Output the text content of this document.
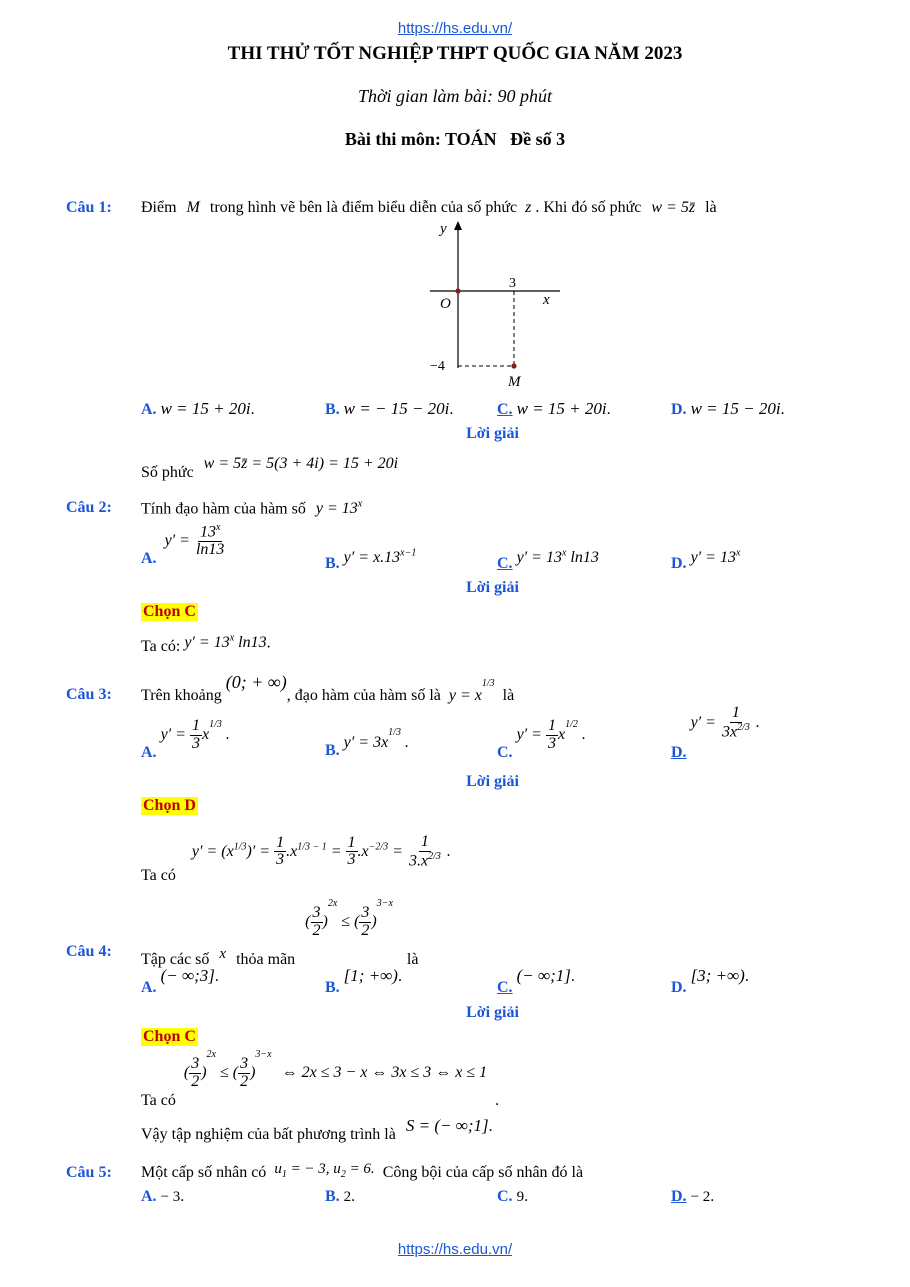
https://hs.edu.vn/
THI THỬ TỐT NGHIỆP THPT QUỐC GIA NĂM 2023
Thời gian làm bài: 90 phút
Bài thi môn: TOÁN   Đề số 3
Câu 1: Điểm M trong hình vẽ bên là điểm biểu diễn của số phức z . Khi đó số phức w = 5z̄ là
y
x
O
3
−4
M
A. w = 15 + 20i.	B. w = − 15 − 20i.	C. w = 15 + 20i.	D. w = 15 − 20i.
Lời giải
Số phức w = 5z̄ = 5(3 + 4i) = 15 + 20i
Câu 2: Tính đạo hàm của hàm số $y = 13^x$
A. $y' = \frac{13^x}{\ln 13}$
B. $y' = x.13^{x-1}$
C. $y' = 13^x$ ln13	D. $y' = 13^x$
Lời giải
Chọn C
Ta có: $y' = 13^x$ ln13.
Câu 3: Trên khoảng (0; + ∞), đạo hàm của hàm số là $y = x^{1/3}$ là
A. $y' = \frac{1}{3} x^{1/3}$ .
B. $y' = 3x^{1/3}$ .
C. $y' = \frac{1}{3} x^{1/2}$ .
D. $y' = \frac{1}{3x^{2/3}}$ .
Lời giải
Chọn D
Ta có $y' = (x^{1/3})' = \frac{1}{3} .x^{1/3 - 1} = \frac{1}{3} .x^{-2/3} = \frac{1}{3.x^{2/3}}$ .
Câu 4: Tập các số x thỏa mãn ( $\frac{3}{2} )^{2x}$ ≤ ( $\frac{3}{2} )^{3-x}$ là
A. (− ∞;3].
B. [1; +∞).
C. (− ∞;1].
D. [3; +∞).
Lời giải
Chọn C
Ta có ( $\frac{3}{2} )^{2x}$ ≤ ( $\frac{3}{2} )^{3-x}$ ⇔ 2x ≤ 3 − x ⇔ 3x ≤ 3 ⇔ x ≤ 1 .
Vậy tập nghiệm của bất phương trình là S = (− ∞;1].
Câu 5: Một cấp số nhân có $u_1$ = − 3, $u_2 = 6$. Công bội của cấp số nhân đó là
A. − 3.	B. 2.	C. 9.	D. − 2.
https://hs.edu.vn/
